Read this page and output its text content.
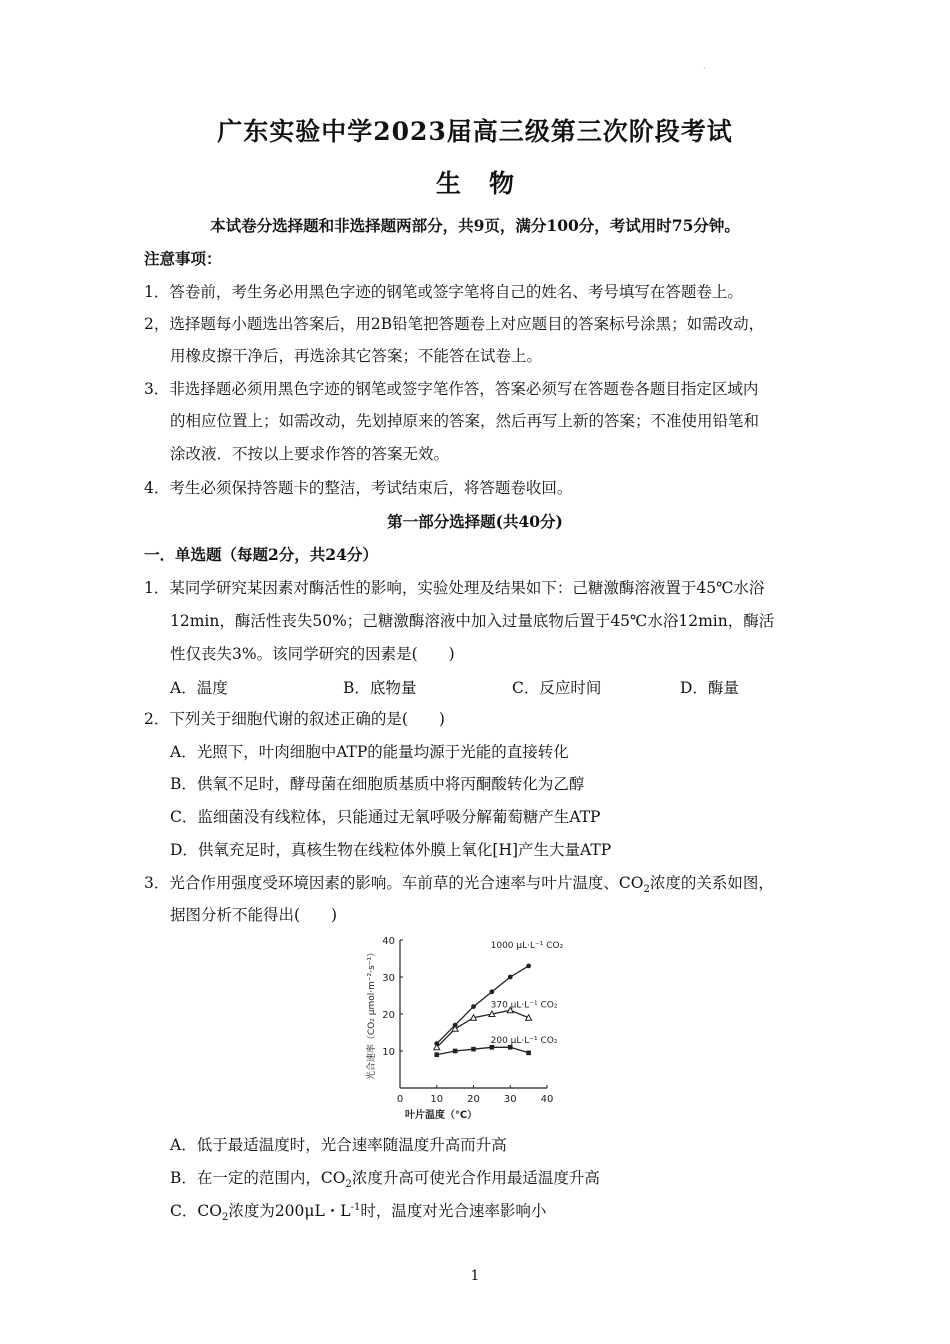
·
广东实验中学2023届高三级第三次阶段考试
生物
本试卷分选择题和非选择题两部分，共9页，满分100分，考试用时75分钟。
注意事项：
1．答卷前，考生务必用黑色字迹的钢笔或签字笔将自己的姓名、考号填写在答题卷上。
2，选择题每小题选出答案后，用2B铅笔把答题卷上对应题目的答案标号涂黑；如需改动，
用橡皮擦干净后，再选涂其它答案；不能答在试卷上。
3．非选择题必须用黑色字迹的钢笔或签字笔作答，答案必须写在答题卷各题目指定区域内
的相应位置上；如需改动，先划掉原来的答案，然后再写上新的答案；不准使用铅笔和
涂改液．不按以上要求作答的答案无效。
4．考生必须保持答题卡的整洁，考试结束后，将答题卷收回。
第一部分选择题(共40分)
一．单选题（每题2分，共24分）
1．某同学研究某因素对酶活性的影响，实验处理及结果如下：己糖激酶溶液置于45℃水浴
12min，酶活性丧失50%；己糖激酶溶液中加入过量底物后置于45℃水浴12min，酶活
性仅丧失3%。该同学研究的因素是(　　)
A．温度	B．底物量	C．反应时间	D．酶量
2．下列关于细胞代谢的叙述正确的是(　　)
A．光照下，叶肉细胞中ATP的能量均源于光能的直接转化
B．供氧不足时，酵母菌在细胞质基质中将丙酮酸转化为乙醇
C．监细菌没有线粒体，只能通过无氧呼吸分解葡萄糖产生ATP
D．供氧充足时，真核生物在线粒体外膜上氧化[H]产生大量ATP
3．光合作用强度受环境因素的影响。车前草的光合速率与叶片温度、$CO_2$浓度的关系如图，
据图分析不能得出(　　)
0	10 20 30 40
10
20
30
40
叶片温度（℃）
光合速率（CO₂ μmol·m⁻²·s⁻¹）
1000 μL·L⁻¹ CO₂
370 μL·L⁻¹ CO₂
200 μL·L⁻¹ CO₂
A．低于最适温度时，光合速率随温度升高而升高
B．在一定的范围内，$CO_2$浓度升高可使光合作用最适温度升高
C．$CO_2$浓度为200μL・$L^{-1}$时，温度对光合速率影响小
1
